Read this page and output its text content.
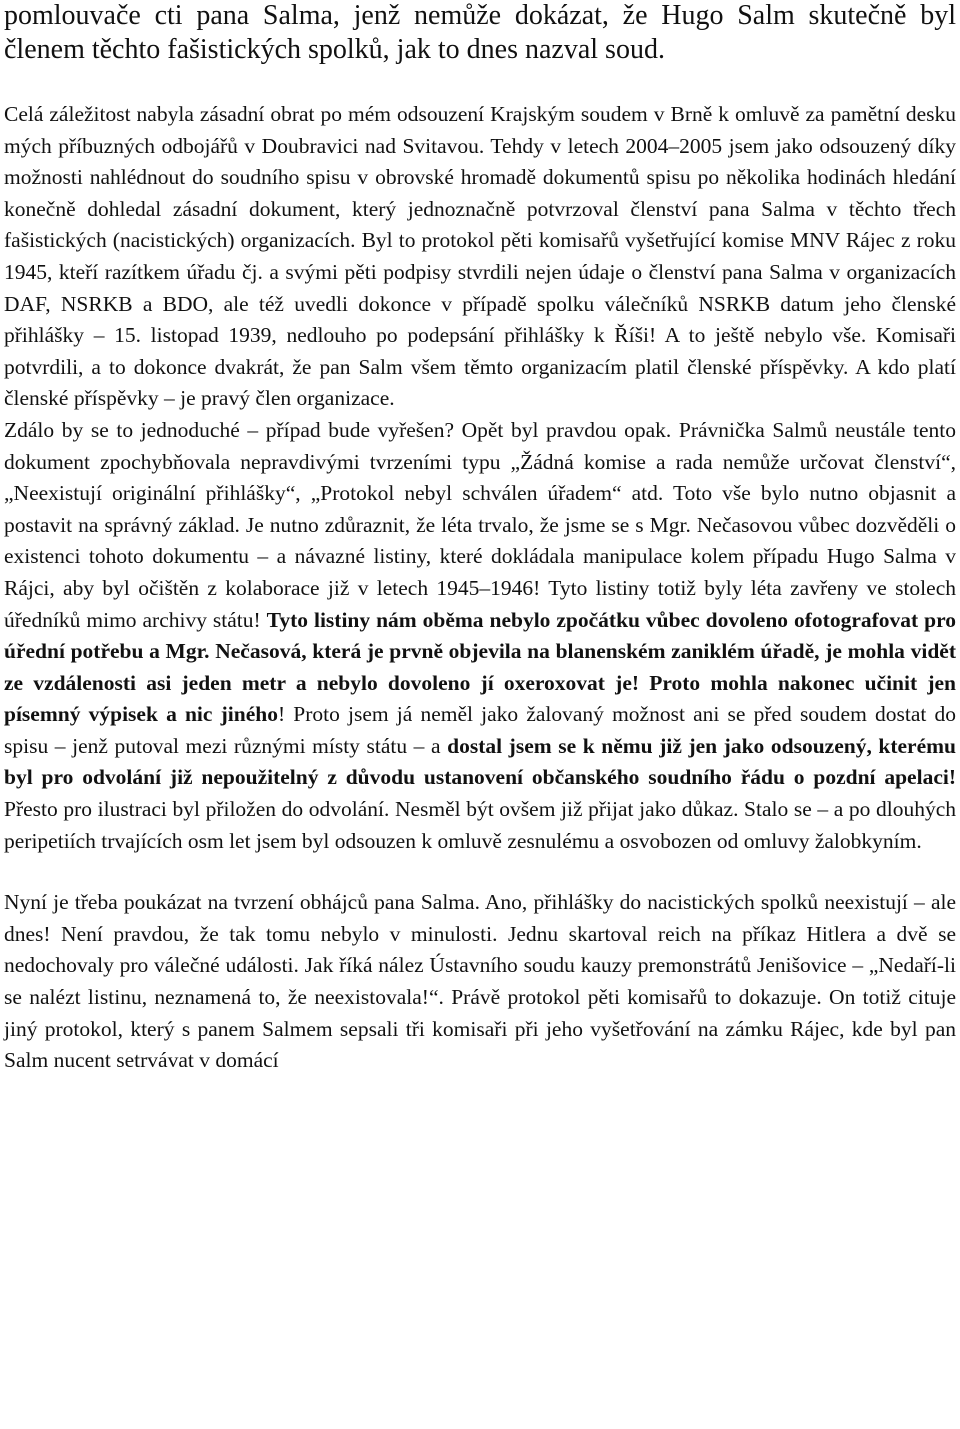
pomlouvače cti pana Salma, jenž nemůže dokázat, že Hugo Salm skutečně byl členem těchto fašistických spolků, jak to dnes nazval soud.

Celá záležitost nabyla zásadní obrat po mém odsouzení Krajským soudem v Brně k omluvě za pamětní desku mých příbuzných odbojářů v Doubravici nad Svitavou. Tehdy v letech 2004–2005 jsem jako odsouzený díky možnosti nahlédnout do soudního spisu v obrovské hromadě dokumentů spisu po několika hodinách hledání konečně dohledal zásadní dokument, který jednoznačně potvrzoval členství pana Salma v těchto třech fašistických (nacistických) organizacích. Byl to protokol pěti komisařů vyšetřující komise MNV Rájec z roku 1945, kteří razítkem úřadu čj. a svými pěti podpisy stvrdili nejen údaje o členství pana Salma v organizacích DAF, NSRKB a BDO, ale též uvedli dokonce v případě spolku válečníků NSRKB datum jeho členské přihlášky – 15. listopad 1939, nedlouho po podepsání přihlášky k Říši! A to ještě nebylo vše. Komisaři potvrdili, a to dokonce dvakrát, že pan Salm všem těmto organizacím platil členské příspěvky. A kdo platí členské příspěvky – je pravý člen organizace.

Zdálo by se to jednoduché – případ bude vyřešen? Opět byl pravdou opak. Právnička Salmů neustále tento dokument zpochybňovala nepravdivými tvrzeními typu „Žádná komise a rada nemůže určovat členství“, „Neexistují originální přihlášky“, „Protokol nebyl schválen úřadem“ atd. Toto vše bylo nutno objasnit a postavit na správný základ. Je nutno zdůraznit, že léta trvalo, že jsme se s Mgr. Nečasovou vůbec dozvěděli o existenci tohoto dokumentu – a návazné listiny, které dokládala manipulace kolem případu Hugo Salma v Rájci, aby byl očištěn z kolaborace již v letech 1945–1946! Tyto listiny totiž byly léta zavřeny ve stolech úředníků mimo archivy státu! Tyto listiny nám oběma nebylo zpočátku vůbec dovoleno ofotografovat pro úřední potřebu a Mgr. Nečasová, která je prvně objevila na blanenském zaniklém úřadě, je mohla vidět ze vzdálenosti asi jeden metr a nebylo dovoleno jí oxeroxovat je! Proto mohla nakonec učinit jen písemný výpisek a nic jiného! Proto jsem já neměl jako žalovaný možnost ani se před soudem dostat do spisu – jenž putoval mezi různými místy státu – a dostal jsem se k němu již jen jako odsouzený, kterému byl pro odvolání již nepoužitelný z důvodu ustanovení občanského soudního řádu o pozdní apelaci! Přesto pro ilustraci byl přiložen do odvolání. Nesměl být ovšem již přijat jako důkaz. Stalo se – a po dlouhých peripetiích trvajících osm let jsem byl odsouzen k omluvě zesnulému a osvobozen od omluvy žalobkyním.

Nyní je třeba poukázat na tvrzení obhájců pana Salma. Ano, přihlášky do nacistických spolků neexistují – ale dnes! Není pravdou, že tak tomu nebylo v minulosti. Jednu skartoval reich na příkaz Hitlera a dvě se nedochovaly pro válečné události. Jak říká nález Ústavního soudu kauzy premonstrátů Jenišovice – „Nedaří-li se nalézt listinu, neznamená to, že neexistovala!“. Právě protokol pěti komisařů to dokazuje. On totiž cituje jiný protokol, který s panem Salmem sepsali tři komisaři při jeho vyšetřování na zámku Rájec, kde byl pan Salm nucent setrvávat v domácí
